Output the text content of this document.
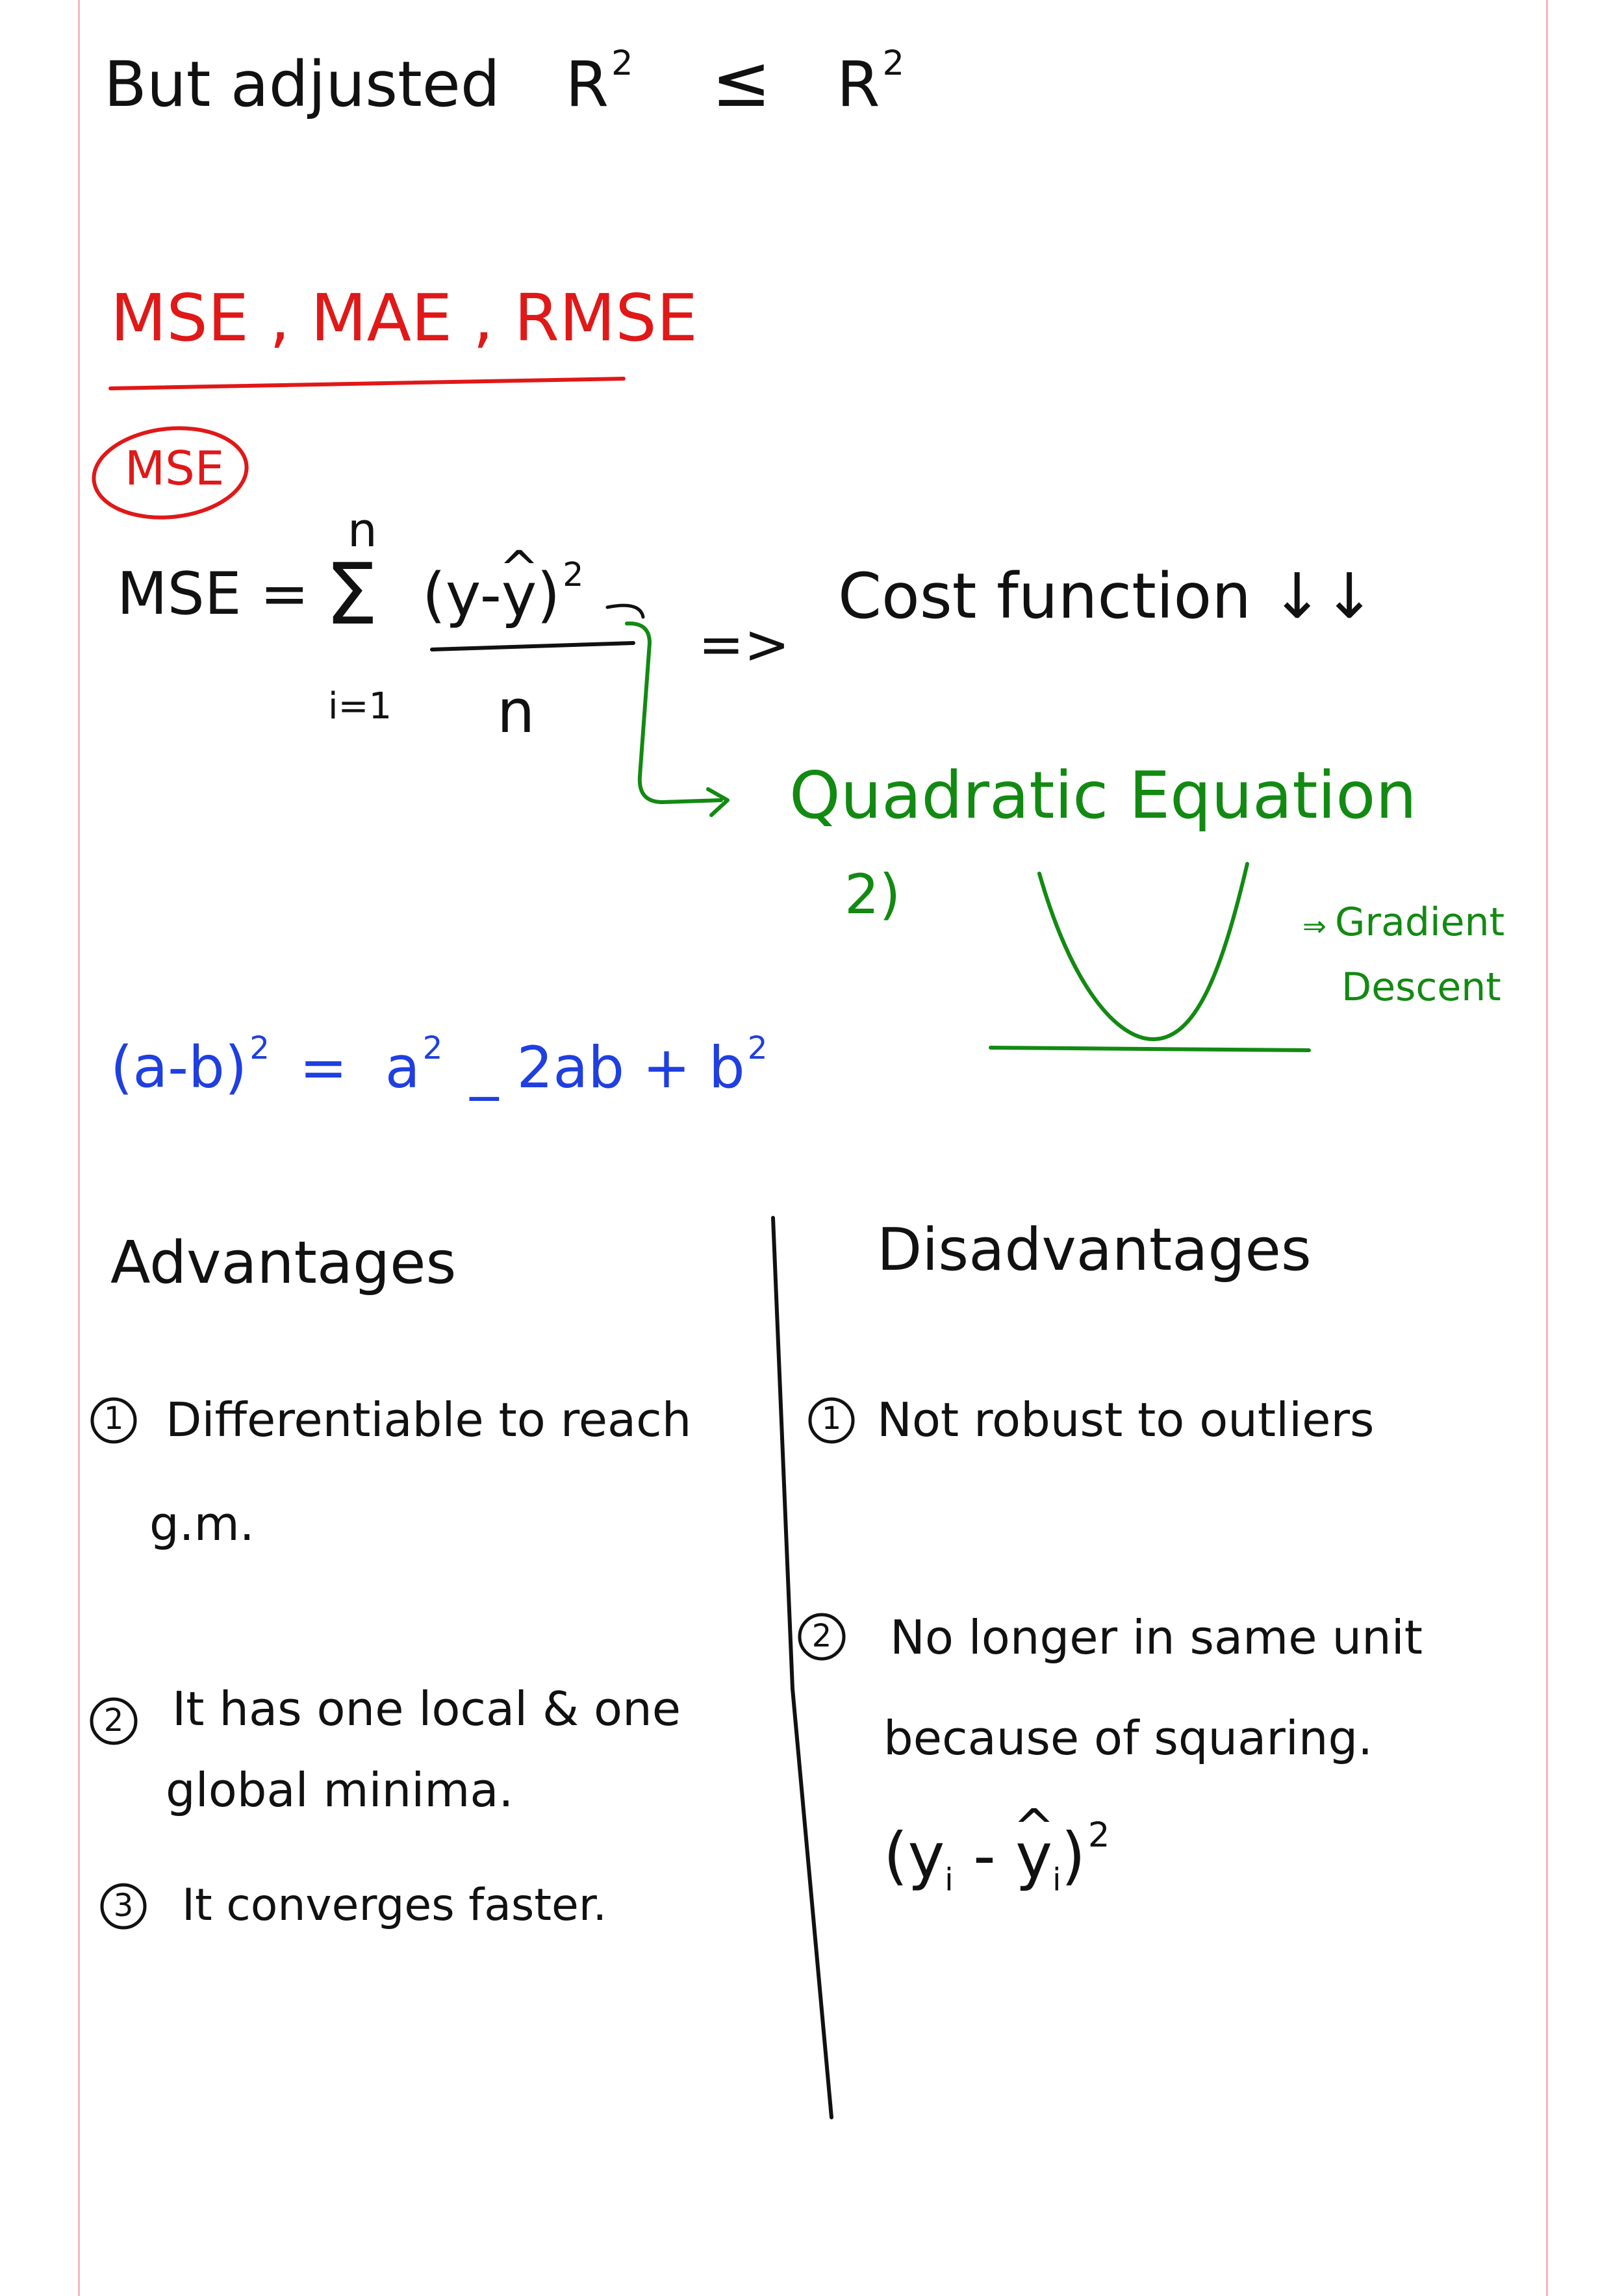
But adjusted $R^2 \le R^2$
MSE , MAE , RMSE
MSE
MSE =
n
Σ
i=1
(y-^ y)$^2$
n
=>
Cost function ↓↓
Quadratic Equation
2)
⇒ Gradient
Descent
$(a-b)^2 = a^2$ _ $2ab + b^2$
Advantages
1 Differentiable to reach
g.m.
2 It has one local & one
global minima.
3 It converges faster.
Disadvantages
1 Not robust to outliers
2 No longer in same unit
because of squaring.
($y_i$ - ^ $y_i)^2$
